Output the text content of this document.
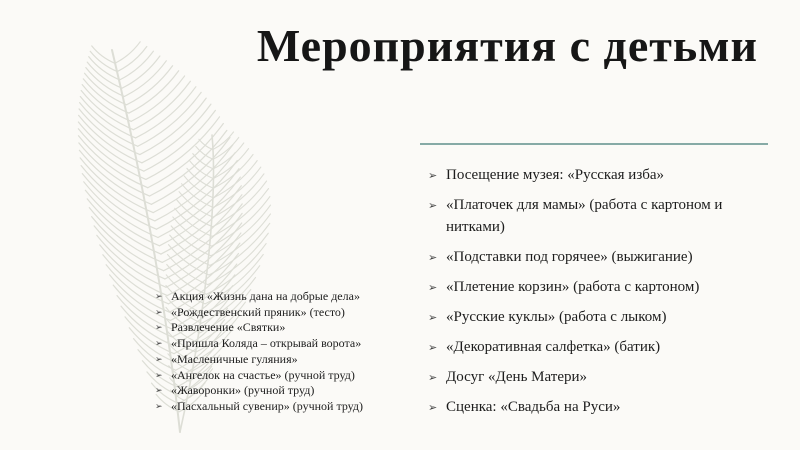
Мероприятия с детьми
➢ Посещение музея: «Русская изба»
➢ «Платочек для мамы» (работа с картоном и нитками)
➢ «Подставки под горячее» (выжигание)
➢ «Плетение корзин» (работа с картоном)
➢ «Русские куклы» (работа с лыком)
➢ «Декоративная салфетка» (батик)
➢ Досуг «День Матери»
➢ Сценка: «Свадьба на Руси»
➢ Акция «Жизнь дана на добрые дела»
➢ «Рождественский пряник» (тесто)
➢ Развлечение «Святки»
➢ «Пришла Коляда – открывай ворота»
➢ «Масленичные гуляния»
➢ «Ангелок на счастье» (ручной труд)
➢ «Жаворонки» (ручной труд)
➢ «Пасхальный сувенир» (ручной труд)
